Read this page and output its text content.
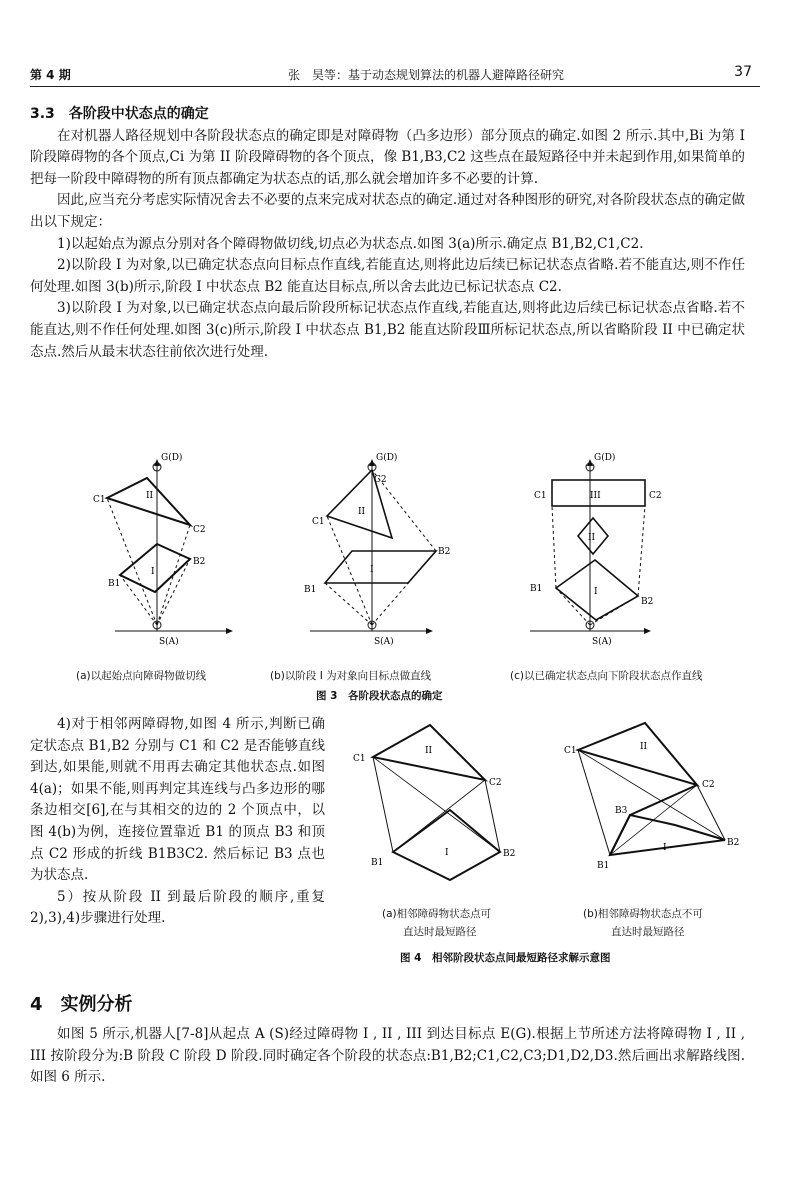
第 4 期	张　昊等：基于动态规划算法的机器人避障路径研究	37
3.3　各阶段中状态点的确定

在对机器人路径规划中各阶段状态点的确定即是对障碍物（凸多边形）部分顶点的确定.如图 2 所示.其中,Bi 为第 I 阶段障碍物的各个顶点,Ci 为第 II 阶段障碍物的各个顶点，像 B1,B3,C2 这些点在最短路径中并未起到作用,如果简单的把每一阶段中障碍物的所有顶点都确定为状态点的话,那么就会增加许多不必要的计算.

因此,应当充分考虑实际情况舍去不必要的点来完成对状态点的确定.通过对各种图形的研究,对各阶段状态点的确定做出以下规定：

1)以起始点为源点分别对各个障碍物做切线,切点必为状态点.如图 3(a)所示.确定点 B1,B2,C1,C2.

2)以阶段 I 为对象,以已确定状态点向目标点作直线,若能直达,则将此边后续已标记状态点省略.若不能直达,则不作任何处理.如图 3(b)所示,阶段 I 中状态点 B2 能直达目标点,所以舍去此边已标记状态点 C2.

3)以阶段 I 为对象,以已确定状态点向最后阶段所标记状态点作直线,若能直达,则将此边后续已标记状态点省略.若不能直达,则不作任何处理.如图 3(c)所示,阶段 I 中状态点 B1,B2 能直达阶段Ⅲ所标记状态点,所以省略阶段 II 中已确定状态点.然后从最末状态往前依次进行处理.

G(D)
C1
C2
II
I
B1
B2
S(A)
G(D)
C1
C2
II
I
B1
B2
S(A)
G(D)
C1	C2
III
II
I
B1
B2
S(A)
(a)以起始点向障碍物做切线	(b)以阶段 I 为对象向目标点做直线	(c)以已确定状态点向下阶段状态点作直线
图 3　各阶段状态点的确定

4)对于相邻两障碍物,如图 4 所示,判断已确定状态点 B1,B2 分别与 C1 和 C2 是否能够直线到达,如果能,则就不用再去确定其他状态点.如图 4(a)；如果不能,则再判定其连线与凸多边形的哪条边相交[6],在与其相交的边的 2 个顶点中，以图 4(b)为例，连接位置靠近 B1 的顶点 B3 和顶点 C2 形成的折线 B1B3C2. 然后标记 B3 点也为状态点.

5）按从阶段 II 到最后阶段的顺序,重复2),3),4)步骤进行处理.

C1
C2
II
I
B1
B2
C1
C2
B3
II
I
B1
B2
(a)相邻障碍物状态点可
直达时最短路径
(b)相邻障碍物状态点不可
直达时最短路径
图 4　相邻阶段状态点间最短路径求解示意图
4　实例分析

如图 5 所示,机器人[7-8]从起点 A (S)经过障碍物 I , II , III 到达目标点 E(G).根据上节所述方法将障碍物 I , II , III 按阶段分为:B 阶段 C 阶段 D 阶段.同时确定各个阶段的状态点:B1,B2;C1,C2,C3;D1,D2,D3.然后画出求解路线图.如图 6 所示.
